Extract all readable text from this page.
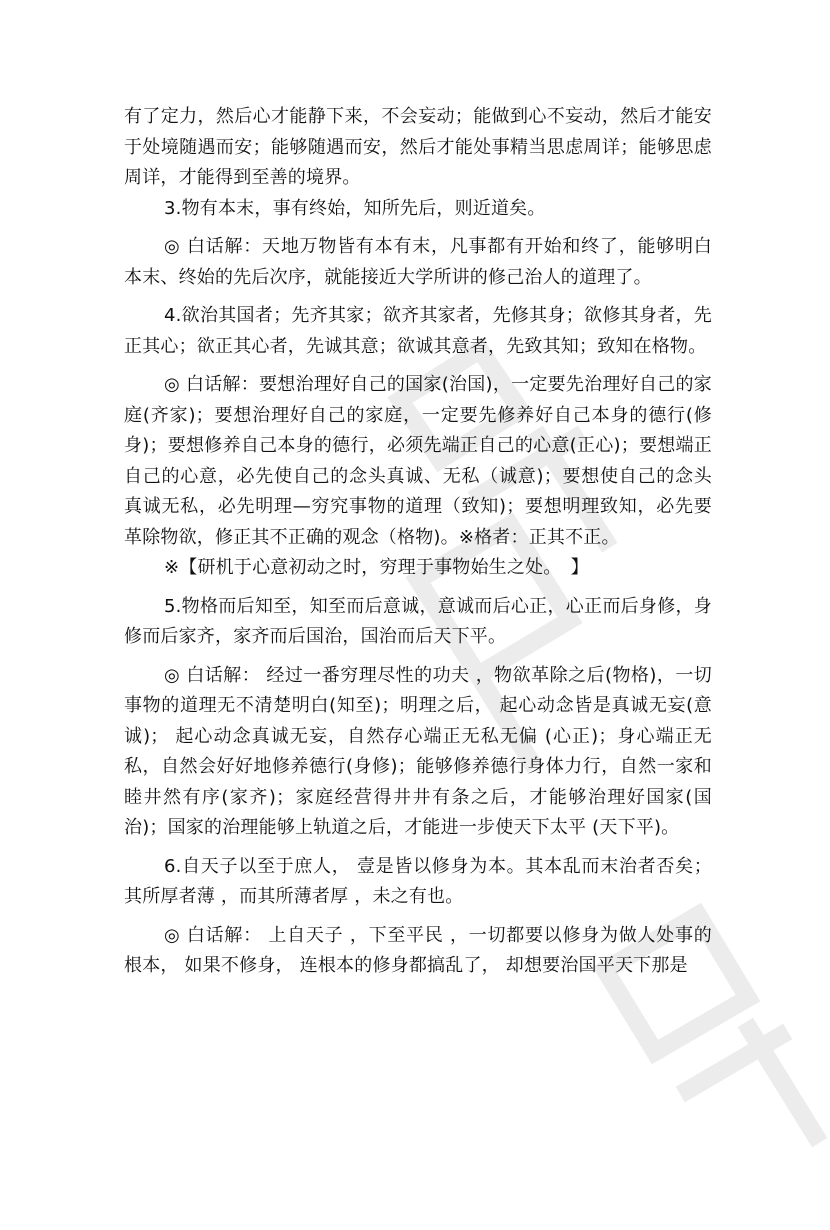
有了定力，然后心才能静下来，不会妄动；能做到心不妄动，然后才能安于处境随遇而安；能够随遇而安，然后才能处事精当思虑周详；能够思虑周详，才能得到至善的境界。

3.物有本末，事有终始，知所先后，则近道矣。

◎ 白话解：天地万物皆有本有末，凡事都有开始和终了，能够明白本末、终始的先后次序，就能接近大学所讲的修己治人的道理了。

4.欲治其国者；先齐其家；欲齐其家者，先修其身；欲修其身者，先正其心；欲正其心者，先诚其意；欲诚其意者，先致其知；致知在格物。

◎ 白话解：要想治理好自己的国家(治国)，一定要先治理好自己的家庭(齐家)；要想治理好自己的家庭，一定要先修养好自己本身的德行(修身)；要想修养自己本身的德行，必须先端正自己的心意(正心)；要想端正自己的心意，必先使自己的念头真诚、无私（诚意)；要想使自己的念头真诚无私，必先明理—穷究事物的道理（致知)；要想明理致知，必先要革除物欲，修正其不正确的观念（格物)。※格者：正其不正。

※【研机于心意初动之时，穷理于事物始生之处。　】

5.物格而后知至，知至而后意诚，意诚而后心正，心正而后身修，身修而后家齐，家齐而后国治，国治而后天下平。

◎ 白话解： 经过一番穷理尽性的功夫 ，物欲革除之后(物格)，一切事物的道理无不清楚明白(知至)；明理之后， 起心动念皆是真诚无妄(意诚)； 起心动念真诚无妄，自然存心端正无私无偏 (心正)；身心端正无私，自然会好好地修养德行(身修)；能够修养德行身体力行，自然一家和睦井然有序(家齐)；家庭经营得井井有条之后，才能够治理好国家(国治)；国家的治理能够上轨道之后，才能进一步使天下太平 (天下平)。

6.自天子以至于庶人， 壹是皆以修身为本。其本乱而末治者否矣；其所厚者薄 ，而其所薄者厚 ，未之有也。

◎ 白话解： 上自天子 ，下至平民 ，一切都要以修身为做人处事的根本， 如果不修身， 连根本的修身都搞乱了， 却想要治国平天下那是
